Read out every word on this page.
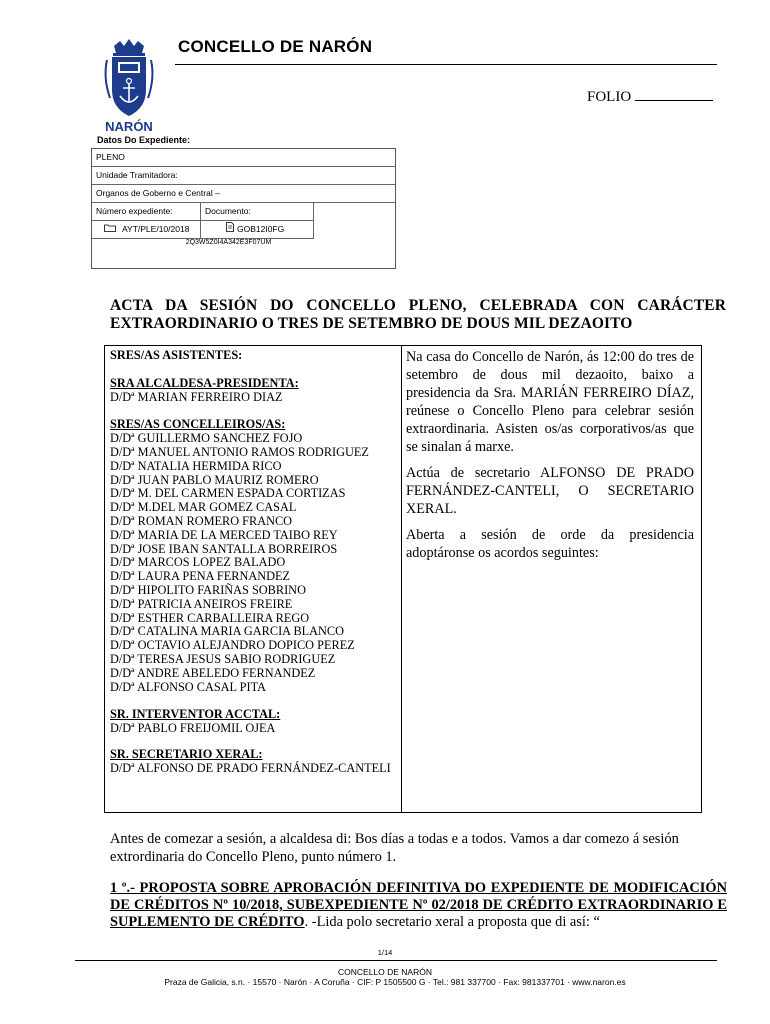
NARÓN
CONCELLO DE NARÓN
FOLIO
Datos Do Expediente:
PLENO
Unidade Tramitadora:
Organos de Goberno e Central –
Número expediente:	Documento:
AYT/PLE/10/2018	GOB12I0FG
2Q3W5Z0I4A342E3F07UM
ACTA DA SESIÓN DO CONCELLO PLENO, CELEBRADA CON CARÁCTER EXTRAORDINARIO O TRES DE SETEMBRO DE DOUS MIL DEZAOITO
SRES/AS ASISTENTES:
SRA ALCALDESA-PRESIDENTA:
D/Dª MARIAN FERREIRO DIAZ
SRES/AS CONCELLEIROS/AS:
D/Dª GUILLERMO SANCHEZ FOJO
D/Dª MANUEL ANTONIO RAMOS RODRIGUEZ
D/Dª NATALIA HERMIDA RICO
D/Dª JUAN PABLO MAURIZ ROMERO
D/Dª M. DEL CARMEN ESPADA CORTIZAS
D/Dª M.DEL MAR GOMEZ CASAL
D/Dª ROMAN ROMERO FRANCO
D/Dª MARIA DE LA MERCED TAIBO REY
D/Dª JOSE IBAN SANTALLA BORREIROS
D/Dª MARCOS LOPEZ BALADO
D/Dª LAURA PENA FERNANDEZ
D/Dª HIPOLITO FARIÑAS SOBRINO
D/Dª PATRICIA ANEIROS FREIRE
D/Dª ESTHER CARBALLEIRA REGO
D/Dª CATALINA MARIA GARCIA BLANCO
D/Dª OCTAVIO ALEJANDRO DOPICO PEREZ
D/Dª TERESA JESUS SABIO RODRIGUEZ
D/Dª ANDRE ABELEDO FERNANDEZ
D/Dª ALFONSO CASAL PITA
SR. INTERVENTOR ACCTAL:
D/Dª PABLO FREIJOMIL OJEA
SR. SECRETARIO XERAL:
D/Dª ALFONSO DE PRADO FERNÁNDEZ-CANTELI

Na casa do Concello de Narón, ás 12:00 do tres de setembro de dous mil dezaoito, baixo a presidencia da Sra. MARIÁN FERREIRO DÍAZ, reúnese o Concello Pleno para celebrar sesión extraordinaria. Asisten os/as corporativos/as que se sinalan á marxe.

Actúa de secretario ALFONSO DE PRADO FERNÁNDEZ-CANTELI, O SECRETARIO XERAL.

Aberta a sesión de orde da presidencia adoptáronse os acordos seguintes:

Antes de comezar a sesión, a alcaldesa di: Bos días a todas e a todos. Vamos a dar comezo á sesión extrordinaria do Concello Pleno, punto número 1.
1 º.- PROPOSTA SOBRE APROBACIÓN DEFINITIVA DO EXPEDIENTE DE MODIFICACIÓN DE CRÉDITOS Nº 10/2018, SUBEXPEDIENTE Nº 02/2018 DE CRÉDITO EXTRAORDINARIO E SUPLEMENTO DE CRÉDITO. -Lida polo secretario xeral a proposta que di así: “
1/14
CONCELLO DE NARÓN
Praza de Galicia, s.n. · 15570 · Narón · A Coruña · CIF: P 1505500 G · Tel.: 981 337700 · Fax: 981337701 · www.naron.es
